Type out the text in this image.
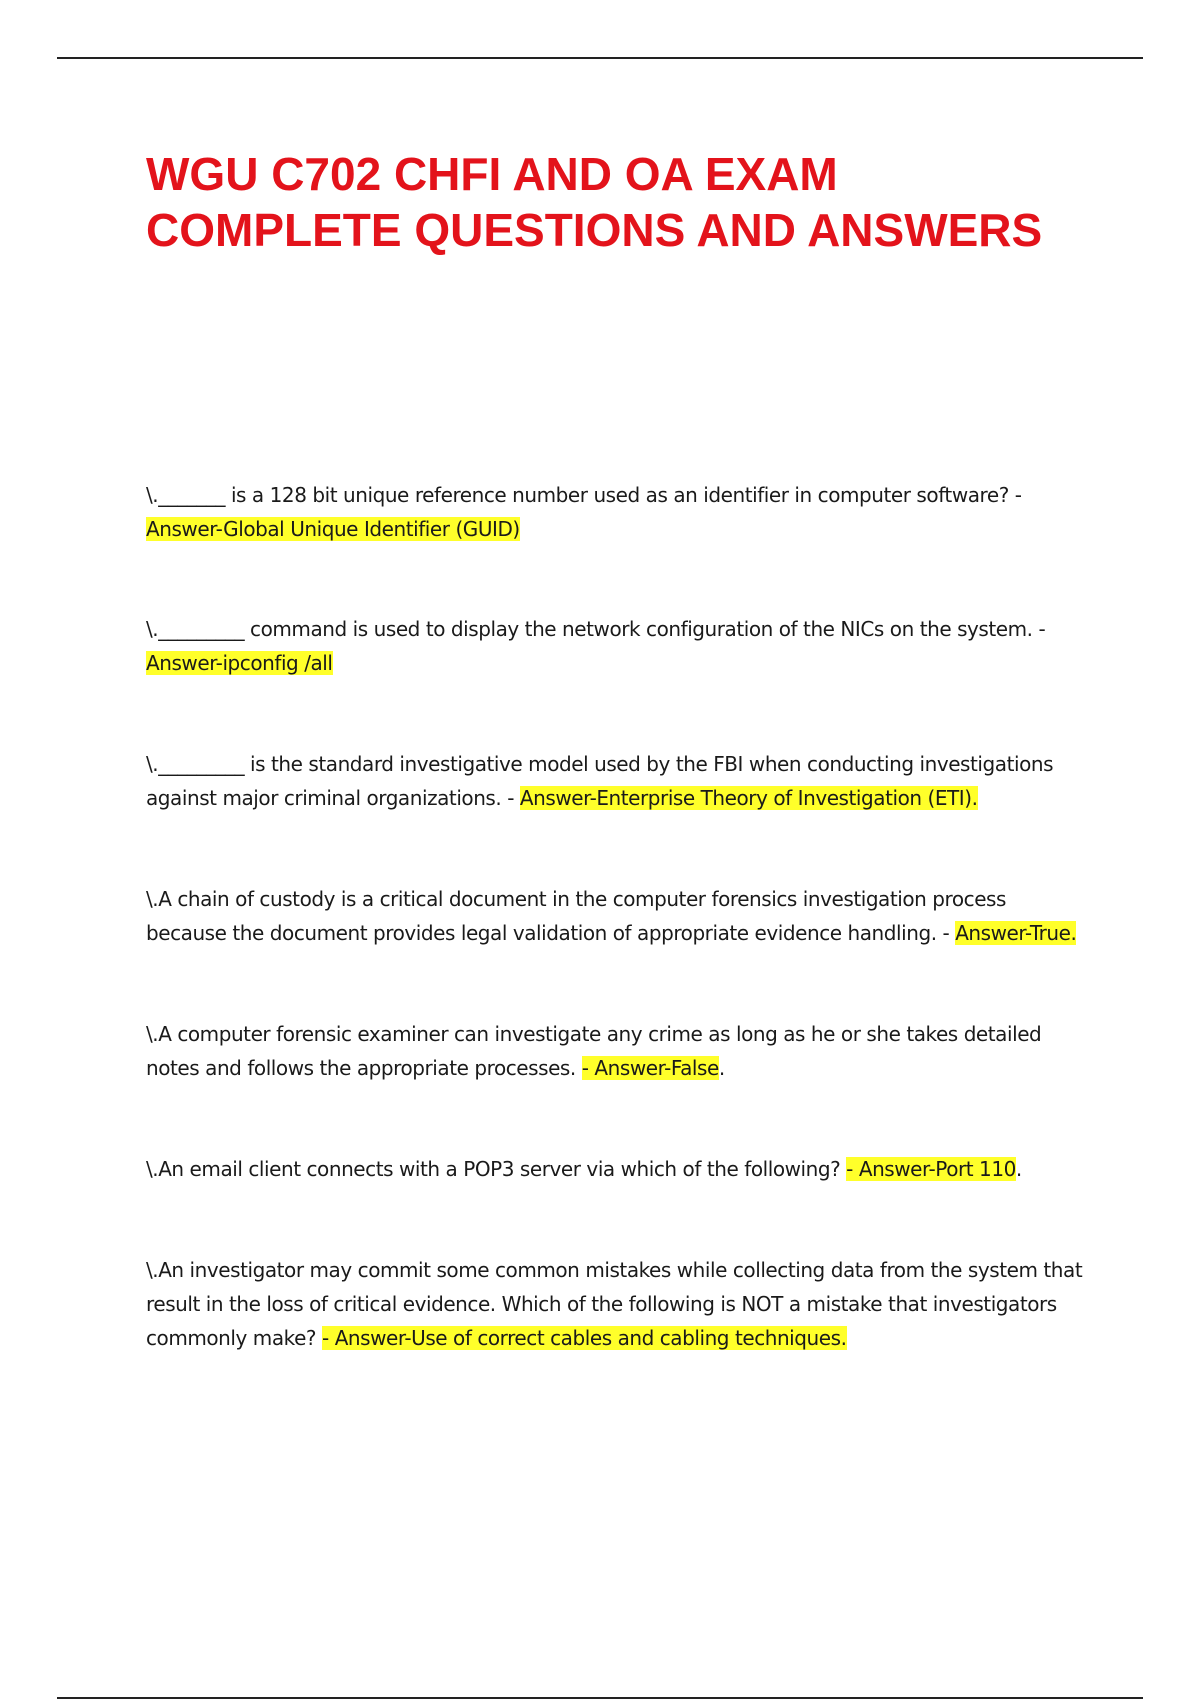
WGU C702 CHFI AND OA EXAM COMPLETE QUESTIONS AND ANSWERS

\._______ is a 128 bit unique reference number used as an identifier in computer software? - Answer-Global Unique Identifier (GUID)

\._________ command is used to display the network configuration of the NICs on the system. - Answer-ipconfig /all

\._________ is the standard investigative model used by the FBI when conducting investigations against major criminal organizations. - Answer-Enterprise Theory of Investigation (ETI).

\.A chain of custody is a critical document in the computer forensics investigation process because the document provides legal validation of appropriate evidence handling. - Answer-True.

\.A computer forensic examiner can investigate any crime as long as he or she takes detailed notes and follows the appropriate processes. - Answer-False.

\.An email client connects with a POP3 server via which of the following? - Answer-Port 110.

\.An investigator may commit some common mistakes while collecting data from the system that result in the loss of critical evidence. Which of the following is NOT a mistake that investigators commonly make? - Answer-Use of correct cables and cabling techniques.
